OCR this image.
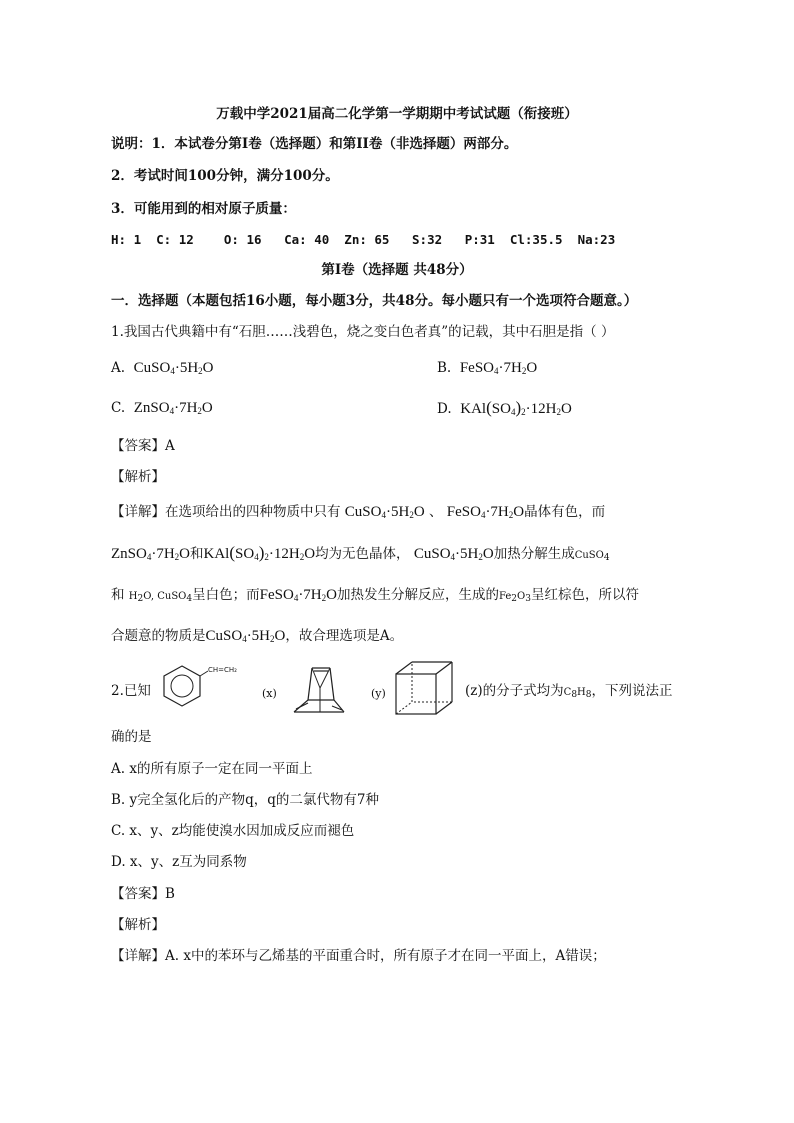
万载中学2021届高二化学第一学期期中考试试题（衔接班）
说明：1．本试卷分第Ⅰ卷（选择题）和第II卷（非选择题）两部分。
2．考试时间100分钟，满分100分。
3．可能用到的相对原子质量：
H: 1  C: 12    O: 16   Ca: 40  Zn: 65   S:32   P:31  Cl:35.5  Na:23
第Ⅰ卷（选择题 共48分）
一．选择题（本题包括16小题，每小题3分，共48分。每小题只有一个选项符合题意。）
1.我国古代典籍中有“石胆……浅碧色，烧之变白色者真”的记载，其中石胆是指（ ）
A. $CuSO_4\cdot 5H_2O$	B. $FeSO_4\cdot 7H_2O$
C. $ZnSO_4\cdot 7H_2O$	D. $KAl(SO_4)_2\cdot 12H_2O$
【答案】A
【解析】
【详解】在选项给出的四种物质中只有 $CuSO_4\cdot 5H_2O$ 、 $FeSO_4\cdot 7H_2O$晶体有色，而
$ZnSO_4\cdot 7H_2O$和$KAl(SO_4)_2\cdot 12H_2O$均为无色晶体， $CuSO_4\cdot 5H_2O$加热分解生成CuSO$_4$
和 $H_2O$, CuSO$_4$呈白色；而$FeSO_4\cdot 7H_2O$加热发生分解反应，生成的$Fe_2O_3$呈红棕色，所以符
合题意的物质是$CuSO_4\cdot 5H_2O$，故合理选项是A。
2.已知
CH=CH₂
(x)	(y)	(z)的分子式均为$C_8H_8$，下列说法正
确的是
A. x的所有原子一定在同一平面上
B. y完全氢化后的产物q，q的二氯代物有7种
C. x、y、z均能使溴水因加成反应而褪色
D. x、y、z互为同系物
【答案】B
【解析】
【详解】A. x中的苯环与乙烯基的平面重合时，所有原子才在同一平面上，A错误；
